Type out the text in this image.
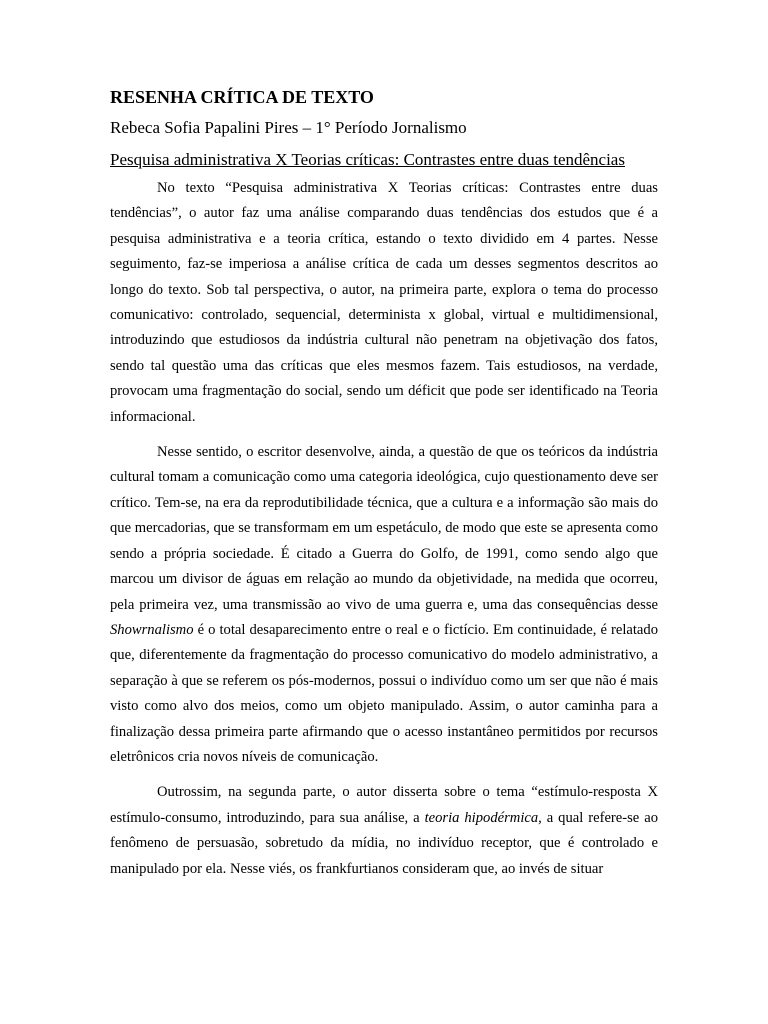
RESENHA CRÍTICA DE TEXTO
Rebeca Sofia Papalini Pires – 1° Período Jornalismo
Pesquisa administrativa X Teorias críticas: Contrastes entre duas tendências

No texto “Pesquisa administrativa X Teorias críticas: Contrastes entre duas tendências”, o autor faz uma análise comparando duas tendências dos estudos que é a pesquisa administrativa e a teoria crítica, estando o texto dividido em 4 partes. Nesse seguimento, faz-se imperiosa a análise crítica de cada um desses segmentos descritos ao longo do texto. Sob tal perspectiva, o autor, na primeira parte, explora o tema do processo comunicativo: controlado, sequencial, determinista x global, virtual e multidimensional, introduzindo que estudiosos da indústria cultural não penetram na objetivação dos fatos, sendo tal questão uma das críticas que eles mesmos fazem. Tais estudiosos, na verdade, provocam uma fragmentação do social, sendo um déficit que pode ser identificado na Teoria informacional.

Nesse sentido, o escritor desenvolve, ainda, a questão de que os teóricos da indústria cultural tomam a comunicação como uma categoria ideológica, cujo questionamento deve ser crítico. Tem-se, na era da reprodutibilidade técnica, que a cultura e a informação são mais do que mercadorias, que se transformam em um espetáculo, de modo que este se apresenta como sendo a própria sociedade. É citado a Guerra do Golfo, de 1991, como sendo algo que marcou um divisor de águas em relação ao mundo da objetividade, na medida que ocorreu, pela primeira vez, uma transmissão ao vivo de uma guerra e, uma das consequências desse Showrnalismo é o total desaparecimento entre o real e o fictício. Em continuidade, é relatado que, diferentemente da fragmentação do processo comunicativo do modelo administrativo, a separação à que se referem os pós-modernos, possui o indivíduo como um ser que não é mais visto como alvo dos meios, como um objeto manipulado. Assim, o autor caminha para a finalização dessa primeira parte afirmando que o acesso instantâneo permitidos por recursos eletrônicos cria novos níveis de comunicação.

Outrossim, na segunda parte, o autor disserta sobre o tema “estímulo-resposta X estímulo-consumo, introduzindo, para sua análise, a teoria hipodérmica, a qual refere-se ao fenômeno de persuasão, sobretudo da mídia, no indivíduo receptor, que é controlado e manipulado por ela. Nesse viés, os frankfurtianos consideram que, ao invés de situar
